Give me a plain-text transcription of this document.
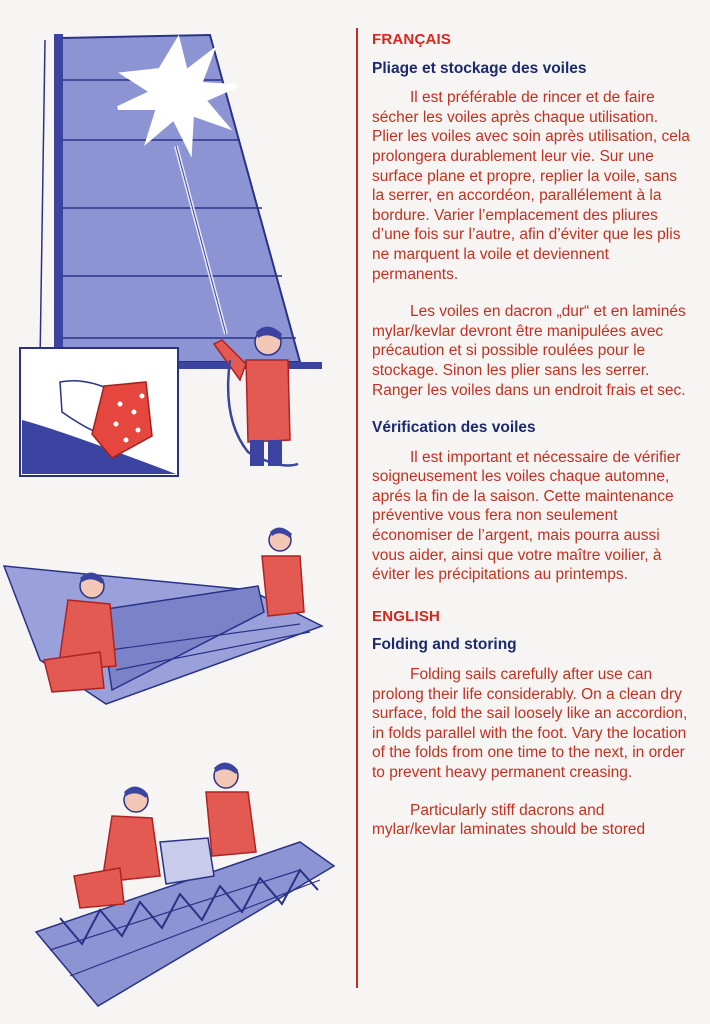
FRANÇAIS
Pliage et stockage des voiles

Il est préférable de rincer et de faire sécher les voiles après chaque utilisation. Plier les voiles avec soin après utilisation, cela prolongera durablement leur vie. Sur une surface plane et propre, replier la voile, sans la serrer, en accordéon, parallélement à la bordure. Varier l’emplacement des pliures d’une fois sur l’autre, afin d’éviter que les plis ne marquent la voile et deviennent permanents.

Les voiles en dacron „dur“ et en laminés mylar/kevlar devront être manipulées avec précaution et si possible roulées pour le stockage. Sinon les plier sans les serrer. Ranger les voiles dans un endroit frais et sec.

Vérification des voiles

Il est important et nécessaire de vérifier soigneusement les voiles chaque automne, aprés la fin de la saison. Cette maintenance préventive vous fera non seulement économiser de l’argent, mais pourra aussi vous aider, ainsi que votre maître voilier, à éviter les précipitations au printemps.

ENGLISH
Folding and storing

Folding sails carefully after use can prolong their life considerably. On a clean dry surface, fold the sail loosely like an accordion, in folds parallel with the foot. Vary the location of the folds from one time to the next, in order to prevent heavy permanent creasing.

Particularly stiff dacrons and mylar/kevlar laminates should be stored
